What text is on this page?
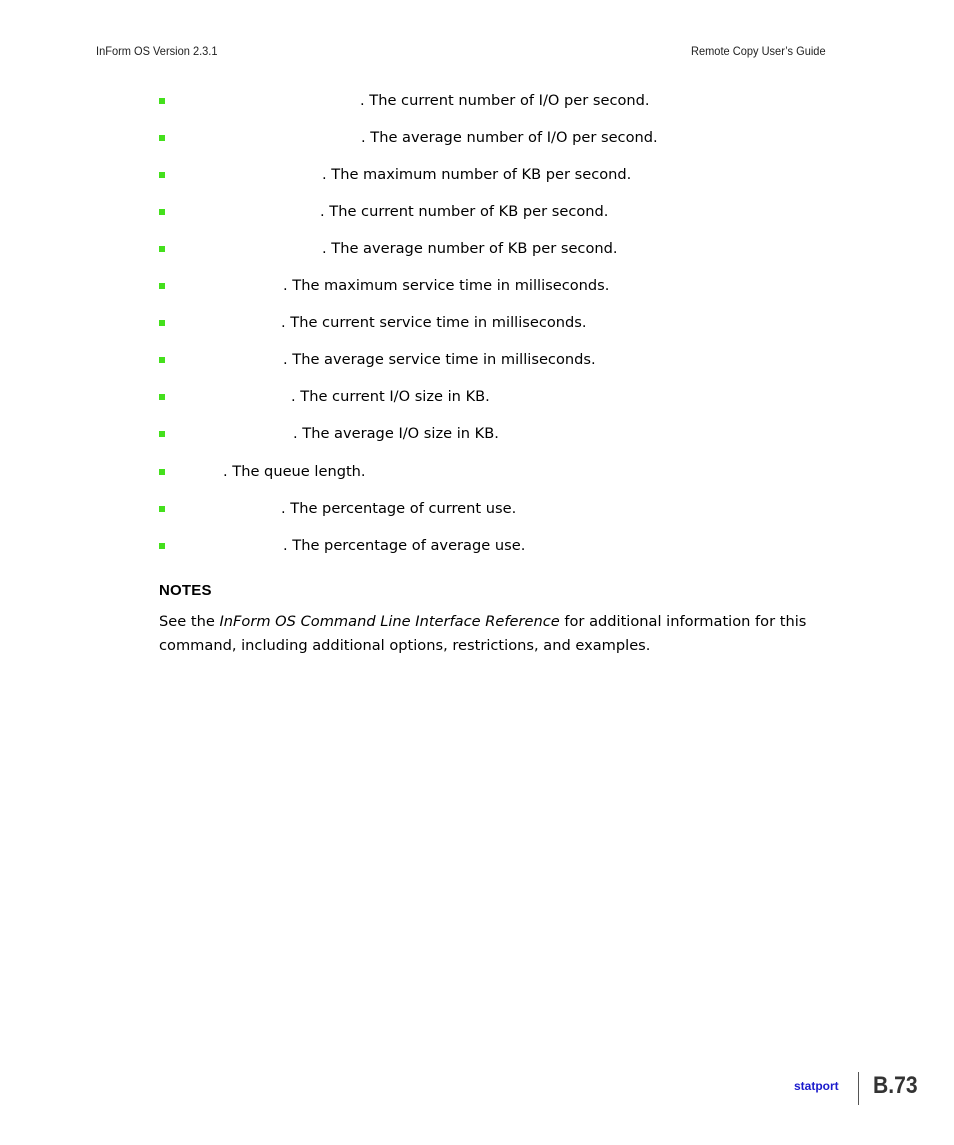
InForm OS Version 2.3.1	Remote Copy User’s Guide
. The current number of I/O per second.
. The average number of I/O per second.
. The maximum number of KB per second.
. The current number of KB per second.
. The average number of KB per second.
. The maximum service time in milliseconds.
. The current service time in milliseconds.
. The average service time in milliseconds.
. The current I/O size in KB.
. The average I/O size in KB.
. The queue length.
. The percentage of current use.
. The percentage of average use.
NOTES

See the InForm OS Command Line Interface Reference for additional information for this command, including additional options, restrictions, and examples.

statport B.73
